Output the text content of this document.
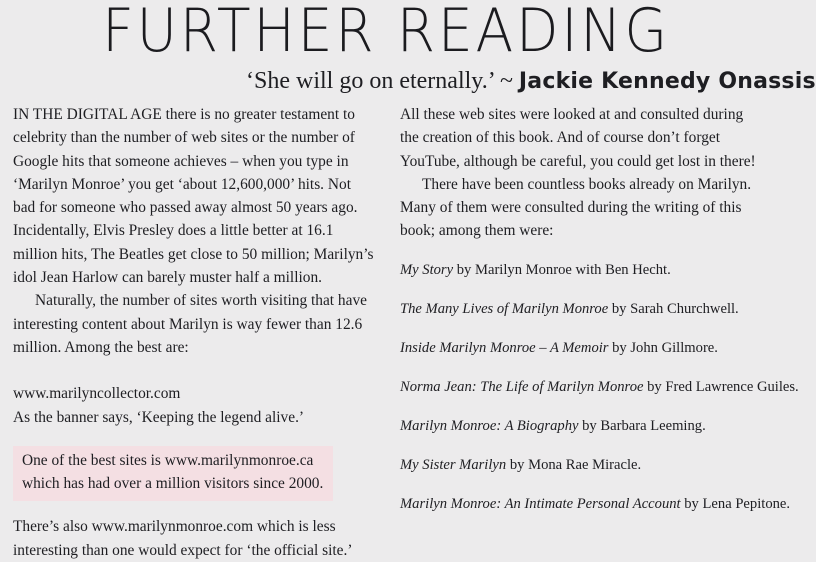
FURTHER READING
‘She will go on eternally.’ ~ Jackie Kennedy Onassis

IN THE DIGITAL AGE there is no greater testament to celebrity than the number of web sites or the number of Google hits that someone achieves – when you type in ‘Marilyn Monroe’ you get ‘about 12,600,000’ hits. Not bad for someone who passed away almost 50 years ago. Incidentally, Elvis Presley does a little better at 16.1 million hits, The Beatles get close to 50 million; Marilyn’s idol Jean Harlow can barely muster half a million.

Naturally, the number of sites worth visiting that have interesting content about Marilyn is way fewer than 12.6 million. Among the best are:

www.marilyncollector.com

As the banner says, ‘Keeping the legend alive.’

One of the best sites is www.marilynmonroe.ca which has had over a million visitors since 2000.

There’s also www.marilynmonroe.com which is less interesting than one would expect for ‘the official site.’

All these web sites were looked at and consulted during the creation of this book. And of course don’t forget YouTube, although be careful, you could get lost in there!

There have been countless books already on Marilyn. Many of them were consulted during the writing of this book; among them were:

My Story by Marilyn Monroe with Ben Hecht.

The Many Lives of Marilyn Monroe by Sarah Churchwell.

Inside Marilyn Monroe – A Memoir by John Gillmore.

Norma Jean: The Life of Marilyn Monroe by Fred Lawrence Guiles.

Marilyn Monroe: A Biography by Barbara Leeming.

My Sister Marilyn by Mona Rae Miracle.

Marilyn Monroe: An Intimate Personal Account by Lena Pepitone.
